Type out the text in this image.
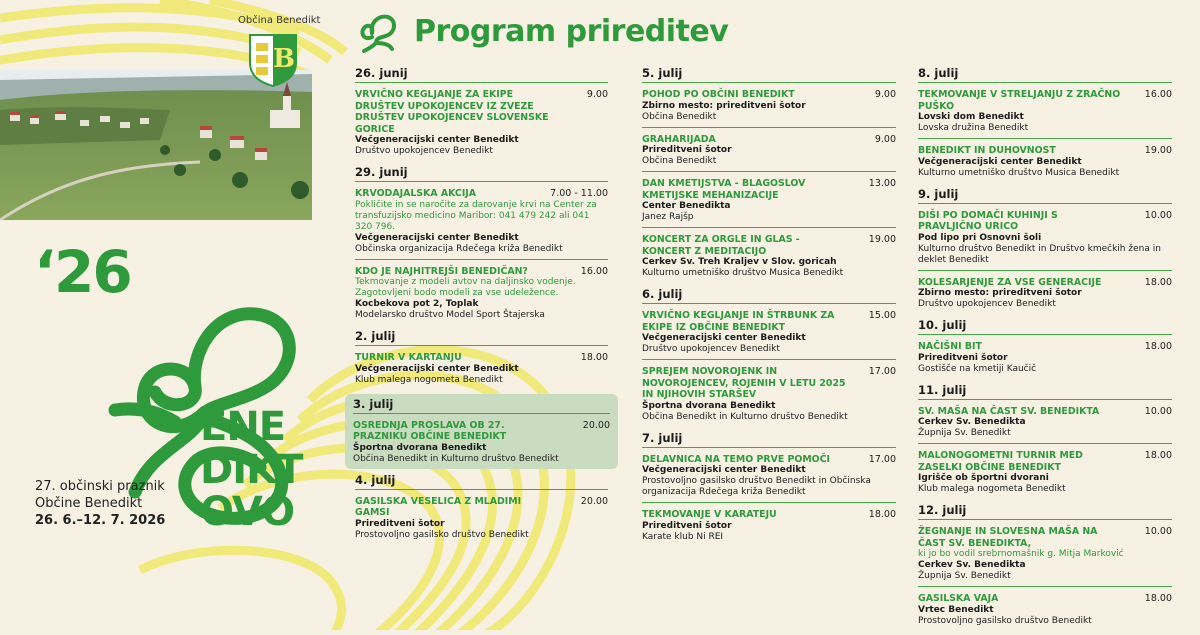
Občina Benedikt
B
‘26
ENE
DIKT
OVO
27. občinski praznik
Občine Benedikt
26. 6.–12. 7. 2026
Program prireditev
26. junij
VRVIČNO KEGLJANJE ZA EKIPE DRUŠTEV UPOKOJENCEV IZ ZVEZE DRUŠTEV UPOKOJENCEV SLOVENSKE GORICE
9.00
Večgeneracijski center Benedikt
Društvo upokojencev Benedikt
29. junij
KRVODAJALSKA AKCIJA	7.00 - 11.00
Pokličite in se naročite za darovanje krvi na Center za transfuzijsko medicino Maribor: 041 479 242 ali 041 320 796.
Večgeneracijski center Benedikt
Občinska organizacija Rdečega križa Benedikt
KDO JE NAJHITREJŠI BENEDIČAN?	16.00
Tekmovanje z modeli avtov na daljinsko vodenje. Zagotovljeni bodo modeli za vse udeležence.
Kocbekova pot 2, Toplak
Modelarsko društvo Model Sport Štajerska
2. julij
TURNIR V KARTANJU	18.00
Večgeneracijski center Benedikt
Klub malega nogometa Benedikt
3. julij
OSREDNJA PROSLAVA OB 27. PRAZNIKU OBČINE BENEDIKT
20.00
Športna dvorana Benedikt
Občina Benedikt in Kulturno društvo Benedikt
4. julij
GASILSKA VESELICA Z MLADIMI GAMSI
20.00
Prireditveni šotor
Prostovoljno gasilsko društvo Benedikt
5. julij
POHOD PO OBČINI BENEDIKT	9.00
Zbirno mesto: prireditveni šotor
Občina Benedikt
GRAHARIJADA	9.00
Prireditveni šotor
Občina Benedikt
DAN KMETIJSTVA - BLAGOSLOV KMETIJSKE MEHANIZACIJE
13.00
Center Benedikta
Janez Rajšp
KONCERT ZA ORGLE IN GLAS - KONCERT Z MEDITACIJO
19.00
Cerkev Sv. Treh Kraljev v Slov. goricah
Kulturno umetniško društvo Musica Benedikt
6. julij
VRVIČNO KEGLJANJE IN ŠTRBUNK ZA EKIPE IZ OBČINE BENEDIKT
15.00
Večgeneracijski center Benedikt
Društvo upokojencev Benedikt
SPREJEM NOVOROJENK IN NOVOROJENCEV, ROJENIH V LETU 2025 IN NJIHOVIH STARŠEV
17.00
Športna dvorana Benedikt
Občina Benedikt in Kulturno društvo Benedikt
7. julij
DELAVNICA NA TEMO PRVE POMOČI	17.00
Večgeneracijski center Benedikt
Prostovoljno gasilsko društvo Benedikt in Občinska organizacija Rdečega križa Benedikt
TEKMOVANJE V KARATEJU	18.00
Prireditveni šotor
Karate klub Ni REI
8. julij
TEKMOVANJE V STRELJANJU Z ZRAČNO PUŠKO
16.00
Lovski dom Benedikt
Lovska družina Benedikt
BENEDIKT IN DUHOVNOST	19.00
Večgeneracijski center Benedikt
Kulturno umetniško društvo Musica Benedikt
9. julij
DIŠI PO DOMAČI KUHINJI S PRAVLJIČNO URICO
10.00
Pod lipo pri Osnovni šoli
Kulturno društvo Benedikt in Društvo kmečkih žena in deklet Benedikt
KOLESARJENJE ZA VSE GENERACIJE	18.00
Zbirno mesto: prireditveni šotor
Društvo upokojencev Benedikt
10. julij
NAČIŠNI BIT	18.00
Prireditveni šotor
Gostišče na kmetiji Kaučič
11. julij
SV. MAŠA NA ČAST SV. BENEDIKTA	10.00
Cerkev Sv. Benedikta
Župnija Sv. Benedikt
MALONOGOMETNI TURNIR MED ZASELKI OBČINE BENEDIKT
18.00
Igrišče ob športni dvorani
Klub malega nogometa Benedikt
12. julij
ŽEGNANJE IN SLOVESNA MAŠA NA ČAST SV. BENEDIKTA,
10.00
ki jo bo vodil srebrnomašnik g. Mitja Marković
Cerkev Sv. Benedikta
Župnija Sv. Benedikt
GASILSKA VAJA	18.00
Vrtec Benedikt
Prostovoljno gasilsko društvo Benedikt
